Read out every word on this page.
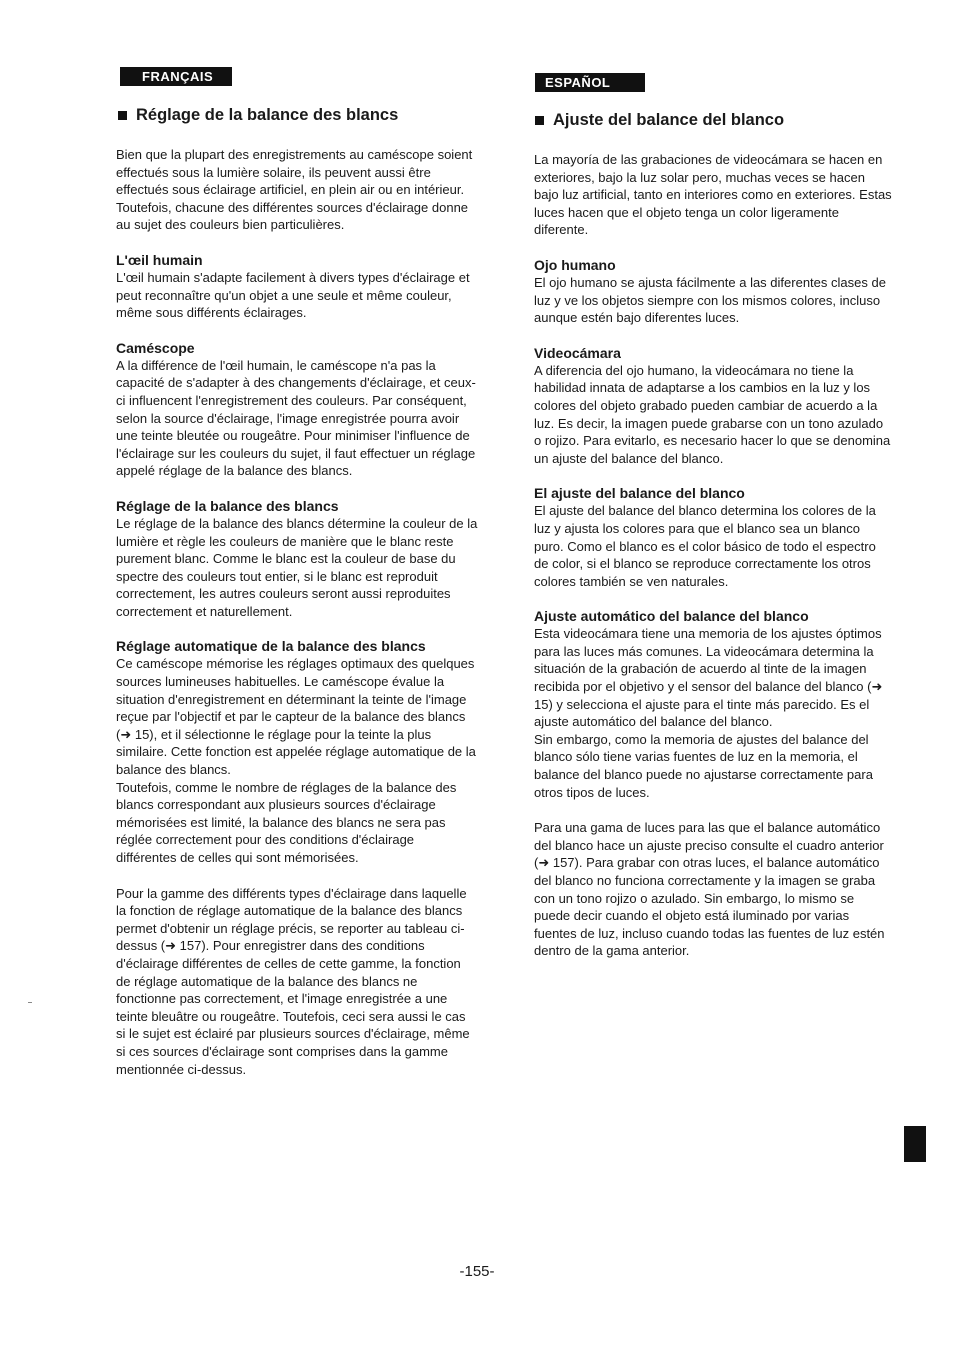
FRANÇAIS
Réglage de la balance des blancs

Bien que la plupart des enregistrements au caméscope soient effectués sous la lumière solaire, ils peuvent aussi être effectués sous éclairage artificiel, en plein air ou en intérieur. Toutefois, chacune des différentes sources d'éclairage donne au sujet des couleurs bien particulières.

L'œil humain

L'œil humain s'adapte facilement à divers types d'éclairage et peut reconnaître qu'un objet a une seule et même couleur, même sous différents éclairages.

Caméscope

A la différence de l'œil humain, le caméscope n'a pas la capacité de s'adapter à des changements d'éclairage, et ceux-ci influencent l'enregistrement des couleurs. Par conséquent, selon la source d'éclairage, l'image enregistrée pourra avoir une teinte bleutée ou rougeâtre. Pour minimiser l'influence de l'éclairage sur les couleurs du sujet, il faut effectuer un réglage appelé réglage de la balance des blancs.

Réglage de la balance des blancs

Le réglage de la balance des blancs détermine la couleur de la lumière et règle les couleurs de manière que le blanc reste purement blanc. Comme le blanc est la couleur de base du spectre des couleurs tout entier, si le blanc est reproduit correctement, les autres couleurs seront aussi reproduites correctement et naturellement.

Réglage automatique de la balance des blancs

Ce caméscope mémorise les réglages optimaux des quelques sources lumineuses habituelles. Le caméscope évalue la situation d'enregistrement en déterminant la teinte de l'image reçue par l'objectif et par le capteur de la balance des blancs (➜ 15), et il sélectionne le réglage pour la teinte la plus similaire. Cette fonction est appelée réglage automatique de la balance des blancs.

Toutefois, comme le nombre de réglages de la balance des blancs correspondant aux plusieurs sources d'éclairage mémorisées est limité, la balance des blancs ne sera pas réglée correctement pour des conditions d'éclairage différentes de celles qui sont mémorisées.

Pour la gamme des différents types d'éclairage dans laquelle la fonction de réglage automatique de la balance des blancs permet d'obtenir un réglage précis, se reporter au tableau ci-dessus (➜ 157). Pour enregistrer dans des conditions d'éclairage différentes de celles de cette gamme, la fonction de réglage automatique de la balance des blancs ne fonctionne pas correctement, et l'image enregistrée a une teinte bleuâtre ou rougeâtre. Toutefois, ceci sera aussi le cas si le sujet est éclairé par plusieurs sources d'éclairage, même si ces sources d'éclairage sont comprises dans la gamme mentionnée ci-dessus.

ESPAÑOL
Ajuste del balance del blanco

La mayoría de las grabaciones de videocámara se hacen en exteriores, bajo la luz solar pero, muchas veces se hacen bajo luz artificial, tanto en interiores como en exteriores. Estas luces hacen que el objeto tenga un color ligeramente diferente.

Ojo humano

El ojo humano se ajusta fácilmente a las diferentes clases de luz y ve los objetos siempre con los mismos colores, incluso aunque estén bajo diferentes luces.

Videocámara

A diferencia del ojo humano, la videocámara no tiene la habilidad innata de adaptarse a los cambios en la luz y los colores del objeto grabado pueden cambiar de acuerdo a la luz. Es decir, la imagen puede grabarse con un tono azulado o rojizo. Para evitarlo, es necesario hacer lo que se denomina un ajuste del balance del blanco.

El ajuste del balance del blanco

El ajuste del balance del blanco determina los colores de la luz y ajusta los colores para que el blanco sea un blanco puro. Como el blanco es el color básico de todo el espectro de color, si el blanco se reproduce correctamente los otros colores también se ven naturales.

Ajuste automático del balance del blanco

Esta videocámara tiene una memoria de los ajustes óptimos para las luces más comunes. La videocámara determina la situación de la grabación de acuerdo al tinte de la imagen recibida por el objetivo y el sensor del balance del blanco (➜ 15) y selecciona el ajuste para el tinte más parecido. Es el ajuste automático del balance del blanco.

Sin embargo, como la memoria de ajustes del balance del blanco sólo tiene varias fuentes de luz en la memoria, el balance del blanco puede no ajustarse correctamente para otros tipos de luces.

Para una gama de luces para las que el balance automático del blanco hace un ajuste preciso consulte el cuadro anterior (➜ 157). Para grabar con otras luces, el balance automático del blanco no funciona correctamente y la imagen se graba con un tono rojizo o azulado. Sin embargo, lo mismo se puede decir cuando el objeto está iluminado por varias fuentes de luz, incluso cuando todas las fuentes de luz estén dentro de la gama anterior.

-155-
